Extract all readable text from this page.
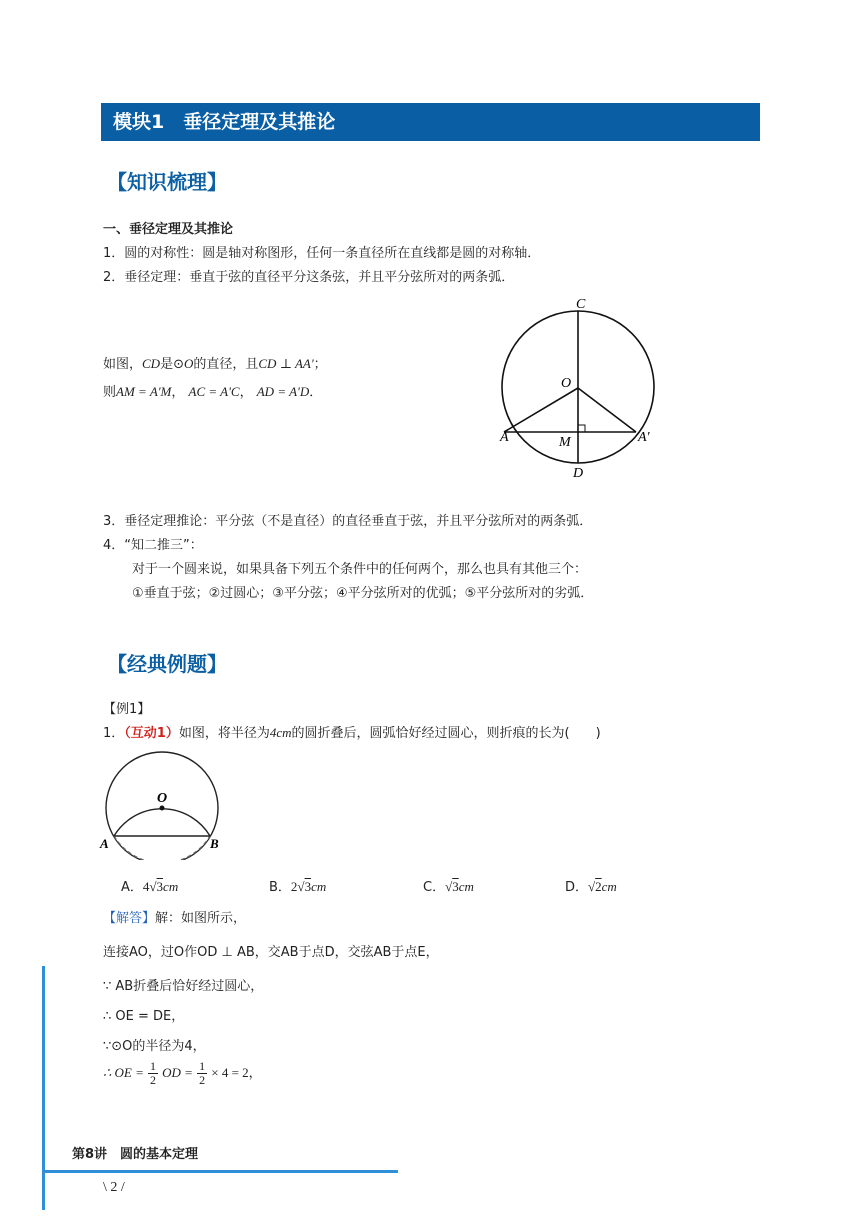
模块1　垂径定理及其推论
【知识梳理】
一、垂径定理及其推论
1．圆的对称性：圆是轴对称图形，任何一条直径所在直线都是圆的对称轴．
2．垂径定理：垂直于弦的直径平分这条弦，并且平分弦所对的两条弧．
如图，CD是⊙O的直径，且CD ⊥ AA'；
则AM = A'M， AC = A'C， AD = A'D．
C
O
A	M	A'
D
3．垂径定理推论：平分弦（不是直径）的直径垂直于弦，并且平分弦所对的两条弧．
4．“知二推三”：
对于一个圆来说，如果具备下列五个条件中的任何两个，那么也具有其他三个：
①垂直于弦；②过圆心；③平分弦；④平分弦所对的优弧；⑤平分弦所对的劣弧．
【经典例题】
【例1】
1．（互动1）如图，将半径为4cm的圆折叠后，圆弧恰好经过圆心，则折痕的长为(　　)
O
A	B
A．4√3cm	B．2√3cm	C．√3cm	D．√2cm
【解答】解：如图所示，
连接AO，过O作OD ⊥ AB，交AB于点D，交弦AB于点E，
∵ AB折叠后恰好经过圆心，
∴ OE = DE，
∵⊙O的半径为4，
∴ OE = $\frac{1}{2}$ OD = $\frac{1}{2} \times 4 = 2$，
第8讲　圆的基本定理
\ 2 /
